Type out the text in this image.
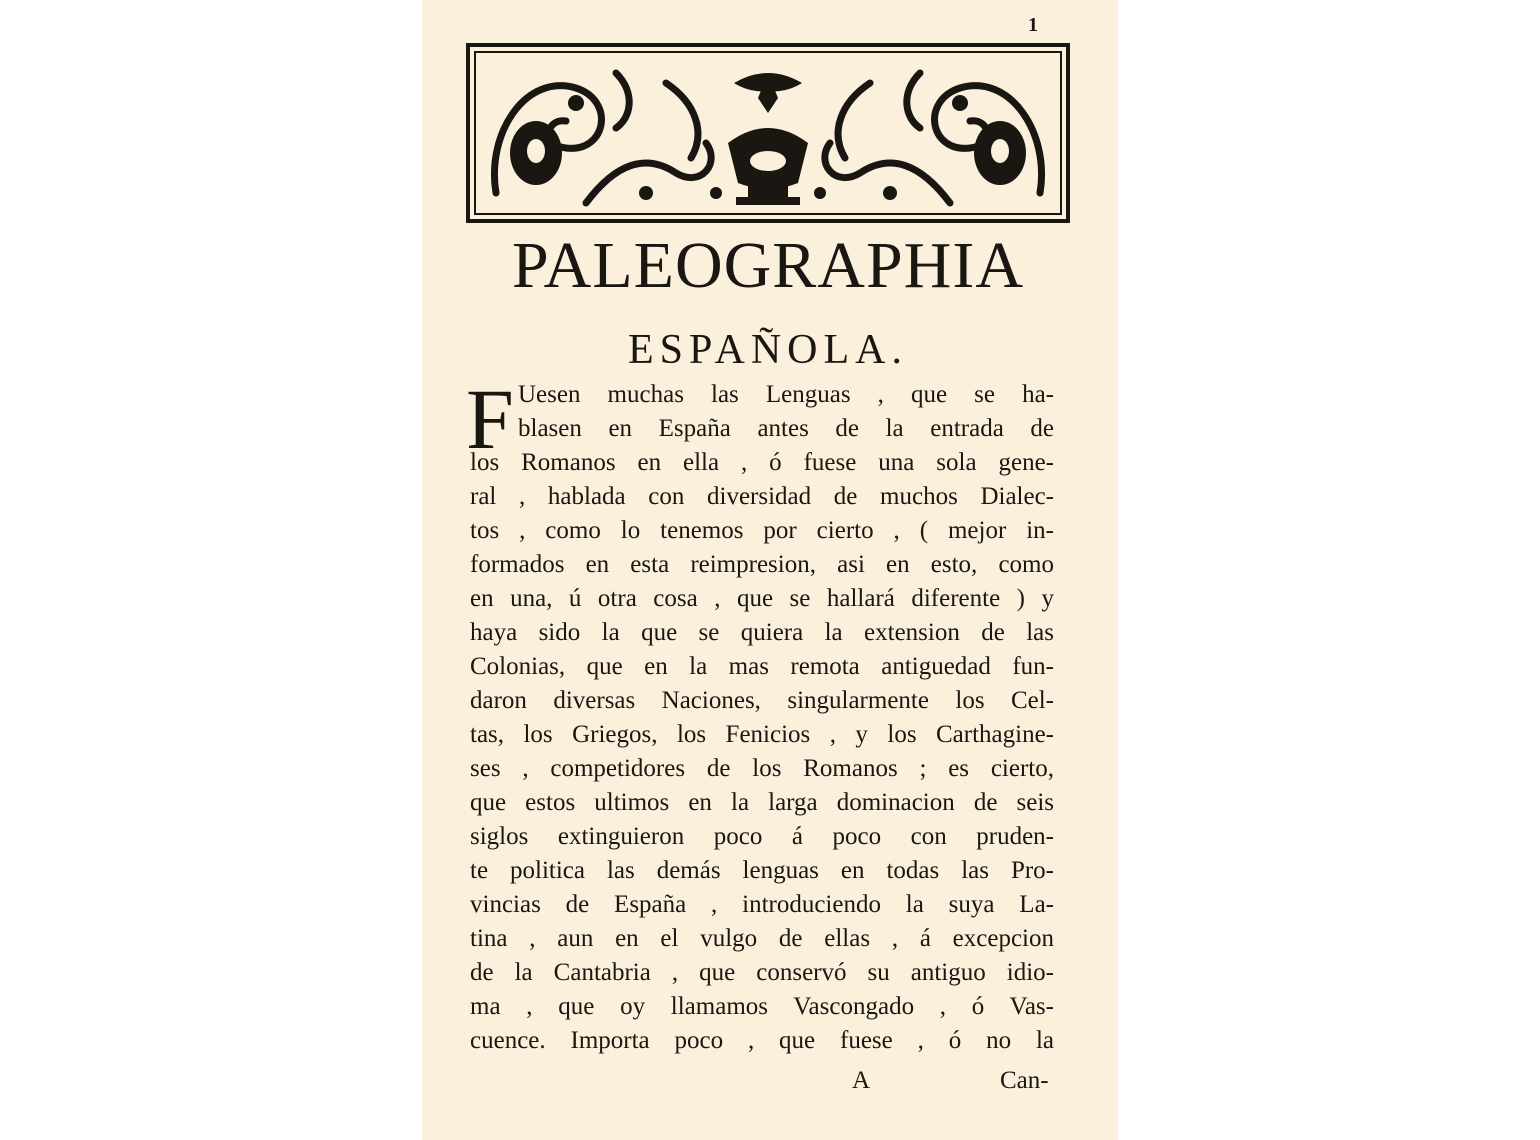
1
PALEOGRAPHIA
ESPAÑOLA.
F Uesen muchas las Lenguas , que se ha-
blasen en España antes de la entrada de
los Romanos en ella , ó fuese una sola gene-
ral , hablada con diversidad de muchos Dialec-
tos , como lo tenemos por cierto , ( mejor in-
formados en esta reimpresion, asi en esto, como
en una, ú otra cosa , que se hallará diferente ) y
haya sido la que se quiera la extension de las
Colonias, que en la mas remota antiguedad fun-
daron diversas Naciones, singularmente los Cel-
tas, los Griegos, los Fenicios , y los Carthagine-
ses , competidores de los Romanos ; es cierto,
que estos ultimos en la larga dominacion de seis
siglos extinguieron poco á poco con pruden-
te politica las demás lenguas en todas las Pro-
vincias de España , introduciendo la suya La-
tina , aun en el vulgo de ellas , á excepcion
de la Cantabria , que conservó su antiguo idio-
ma , que oy llamamos Vascongado , ó Vas-
cuence. Importa poco , que fuese , ó no la
A	Can-
